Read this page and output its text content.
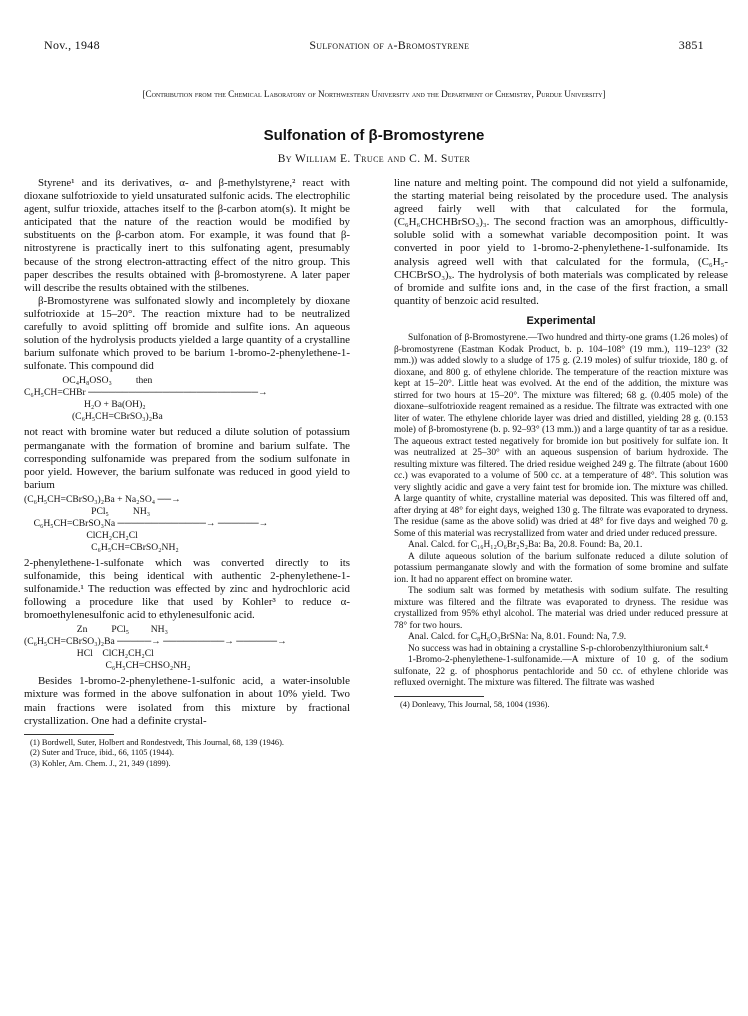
Nov., 1948	Sulfonation of α-Bromostyrene	3851
[Contribution from the Chemical Laboratory of Northwestern University and the Department of Chemistry, Purdue University]
Sulfonation of β-Bromostyrene
By William E. Truce and C. M. Suter

Styrene¹ and its derivatives, α- and β-methylstyrene,² react with dioxane sulfotrioxide to yield unsaturated sulfonic acids. The electrophilic agent, sulfur trioxide, attaches itself to the β-carbon atom(s). It might be anticipated that the nature of the reaction would be modified by substituents on the β-carbon atom. For example, it was found that β-nitrostyrene is practically inert to this sulfonating agent, presumably because of the strong electron-attracting effect of the nitro group. This paper describes the results obtained with β-bromostyrene. A later paper will describe the results obtained with the stilbenes.

β-Bromostyrene was sulfonated slowly and incompletely by dioxane sulfotrioxide at 15–20°. The reaction mixture had to be neutralized carefully to avoid splitting off bromide and sulfite ions. An aqueous solution of the hydrolysis products yielded a large quantity of a crystalline barium sulfonate which proved to be barium 1-bromo-2-phenylethene-1-sulfonate. This compound did

OC₄H₈OSO₃          then
C₆H₅CH=CHBr ─────────────────────────→
H₂O + Ba(OH)₂
(C₆H₅CH=CBrSO₃)₂Ba

not react with bromine water but reduced a dilute solution of potassium permanganate with the formation of bromine and barium sulfate. The corresponding sulfonamide was prepared from the sodium sulfonate in poor yield. However, the barium sulfonate was reduced in good yield to barium

(C₆H₅CH=CBrSO₃)₂Ba + Na₂SO₄ ──→
PCl₅          NH₃
C₆H₅CH=CBrSO₃Na ─────────────→ ──────→
ClCH₂CH₂Cl
C₆H₅CH=CBrSO₂NH₂

2-phenylethene-1-sulfonate which was converted directly to its sulfonamide, this being identical with authentic 2-phenylethene-1-sulfonamide.¹ The reduction was effected by zinc and hydrochloric acid following a procedure like that used by Kohler³ to reduce α-bromoethylenesulfonic acid to ethylenesulfonic acid.

Zn          PCl₅         NH₃
(C₆H₅CH=CBrSO₃)₂Ba ─────→ ─────────→ ──────→
HCl    ClCH₂CH₂Cl
C₆H₅CH=CHSO₂NH₂

Besides 1-bromo-2-phenylethene-1-sulfonic acid, a water-insoluble mixture was formed in the above sulfonation in about 10% yield. Two main fractions were isolated from this mixture by fractional crystallization. One had a definite crystal-

(1) Bordwell, Suter, Holbert and Rondestvedt, This Journal, 68, 139 (1946).

(2) Suter and Truce, ibid., 66, 1105 (1944).

(3) Kohler, Am. Chem. J., 21, 349 (1899).

line nature and melting point. The compound did not yield a sulfonamide, the starting material being reisolated by the procedure used. The analysis agreed fairly well with that calculated for the formula, (C₆H₆CHCHBrSO₃)₃. The second fraction was an amorphous, difficultly-soluble solid with a somewhat variable decomposition point. It was converted in poor yield to 1-bromo-2-phenylethene-1-sulfonamide. Its analysis agreed well with that calculated for the formula, (C₆H₅-CHCBrSO₃)ₓ. The hydrolysis of both materials was complicated by release of bromide and sulfite ions and, in the case of the first fraction, a small quantity of benzoic acid resulted.

Experimental

Sulfonation of β-Bromostyrene.—Two hundred and thirty-one grams (1.26 moles) of β-bromostyrene (Eastman Kodak Product, b. p. 104–108° (19 mm.), 119–123° (32 mm.)) was added slowly to a sludge of 175 g. (2.19 moles) of sulfur trioxide, 180 g. of dioxane, and 800 g. of ethylene chloride. The temperature of the reaction mixture was kept at 15–20°. Little heat was evolved. At the end of the addition, the mixture was stirred for two hours at 15–20°. The mixture was filtered; 68 g. (0.405 mole) of the dioxane–sulfotrioxide reagent remained as a residue. The filtrate was extracted with one liter of water. The ethylene chloride layer was dried and distilled, yielding 28 g. (0.153 mole) of β-bromostyrene (b. p. 92–93° (13 mm.)) and a large quantity of tar as a residue. The aqueous extract tested negatively for bromide ion but positively for sulfate ion. It was neutralized at 25–30° with an aqueous suspension of barium hydroxide. The resulting mixture was filtered. The dried residue weighed 249 g. The filtrate (about 1600 cc.) was evaporated to a volume of 500 cc. at a temperature of 48°. This solution was very slightly acidic and gave a very faint test for bromide ion. The mixture was chilled. A large quantity of white, crystalline material was deposited. This was filtered off and, after drying at 48° for eight days, weighed 130 g. The filtrate was evaporated to dryness. The residue (same as the above solid) was dried at 48° for five days and weighed 70 g. Some of this material was recrystallized from water and dried under reduced pressure.

Anal. Calcd. for C₁₆H₁₂O₆Br₂S₂Ba: Ba, 20.8. Found: Ba, 20.1.

A dilute aqueous solution of the barium sulfonate reduced a dilute solution of potassium permanganate slowly and with the formation of some bromine and sulfate ion. It had no apparent effect on bromine water.

The sodium salt was formed by metathesis with sodium sulfate. The resulting mixture was filtered and the filtrate was evaporated to dryness. The residue was crystallized from 95% ethyl alcohol. The material was dried under reduced pressure at 78° for two hours.

Anal. Calcd. for C₈H₆O₃BrSNa: Na, 8.01. Found: Na, 7.9.

No success was had in obtaining a crystalline S-p-chlorobenzylthiuronium salt.⁴

1-Bromo-2-phenylethene-1-sulfonamide.—A mixture of 10 g. of the sodium sulfonate, 22 g. of phosphorus pentachloride and 50 cc. of ethylene chloride was refluxed overnight. The mixture was filtered. The filtrate was washed

(4) Donleavy, This Journal, 58, 1004 (1936).
